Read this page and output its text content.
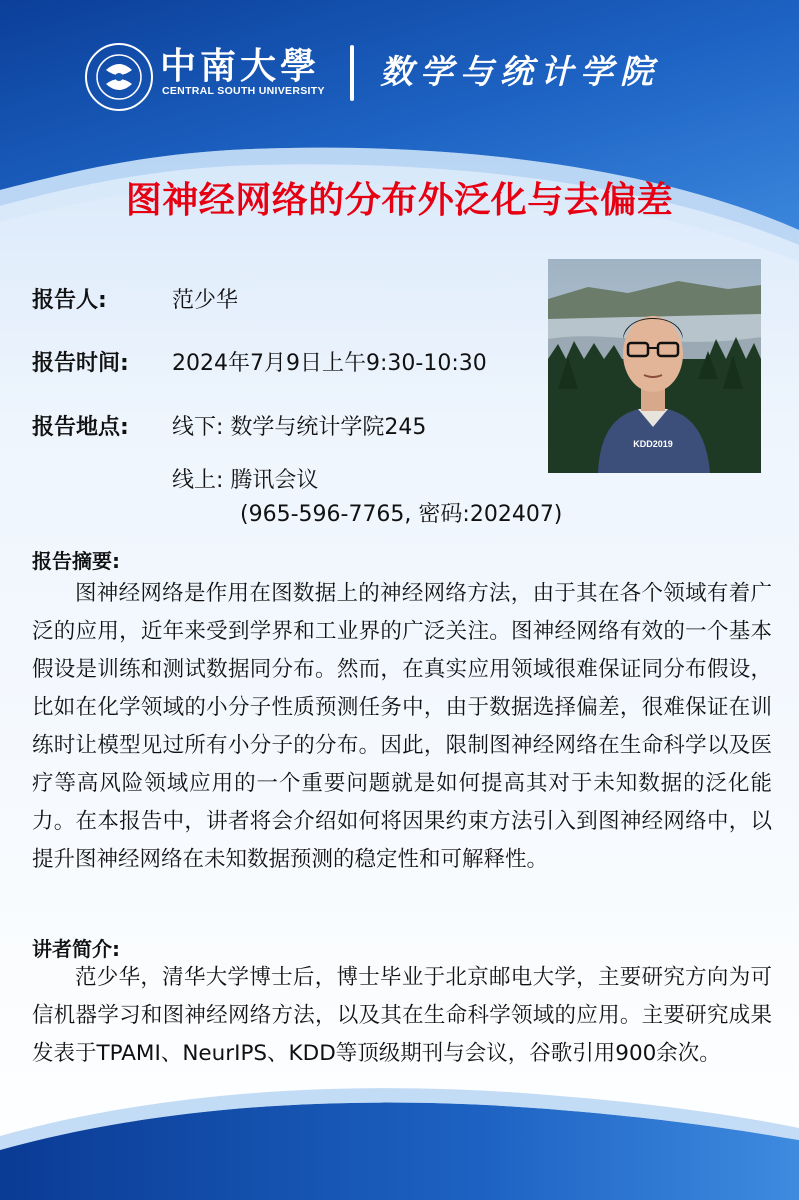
中南大學
CENTRAL SOUTH UNIVERSITY 数学与统计学院
图神经网络的分布外泛化与去偏差
报告人:	范少华
报告时间: 2024年7月9日上午9:30-10:30
报告地点: 线下: 数学与统计学院245
线上: 腾讯会议
(965-596-7765, 密码:202407)
KDD2019
报告摘要:

图神经网络是作用在图数据上的神经网络方法，由于其在各个领域有着广泛的应用，近年来受到学界和工业界的广泛关注。图神经网络有效的一个基本假设是训练和测试数据同分布。然而，在真实应用领域很难保证同分布假设，比如在化学领域的小分子性质预测任务中，由于数据选择偏差，很难保证在训练时让模型见过所有小分子的分布。因此，限制图神经网络在生命科学以及医疗等高风险领域应用的一个重要问题就是如何提高其对于未知数据的泛化能力。在本报告中，讲者将会介绍如何将因果约束方法引入到图神经网络中，以提升图神经网络在未知数据预测的稳定性和可解释性。

讲者简介:

范少华，清华大学博士后，博士毕业于北京邮电大学，主要研究方向为可信机器学习和图神经网络方法，以及其在生命科学领域的应用。主要研究成果发表于TPAMI、NeurIPS、KDD等顶级期刊与会议，谷歌引用900余次。
